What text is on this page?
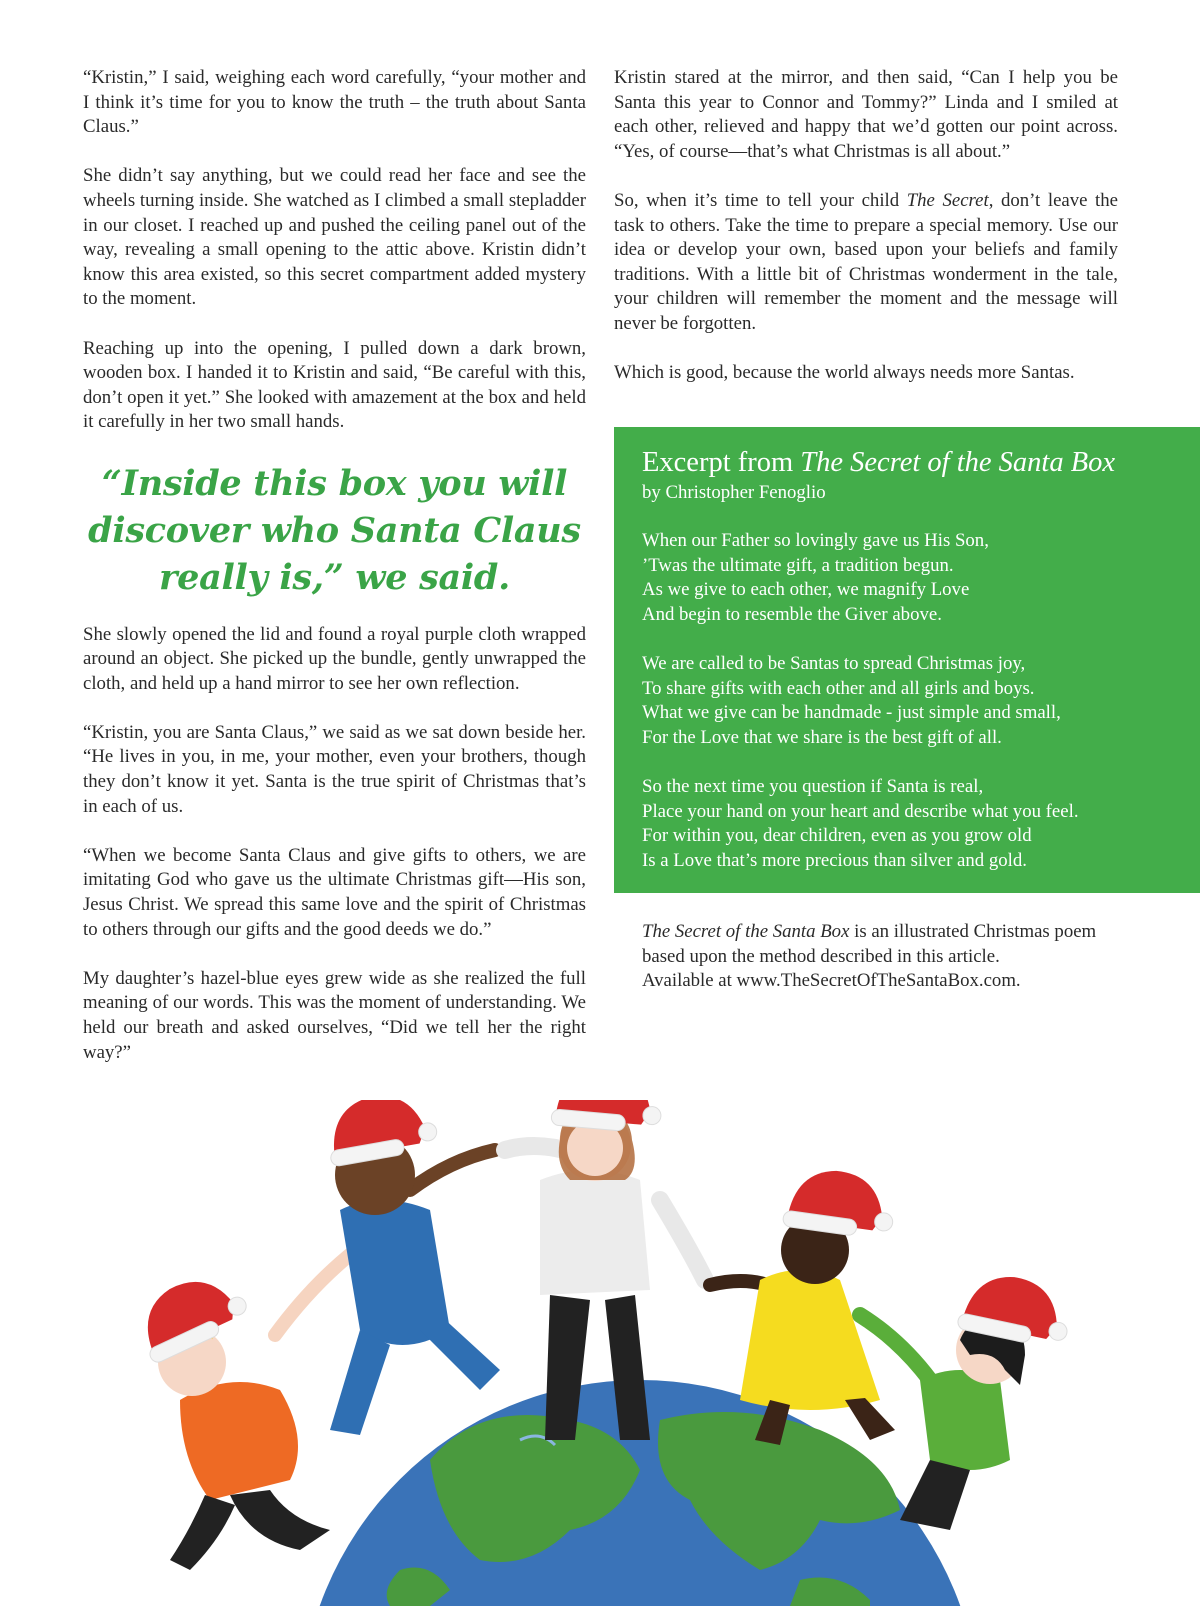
“Kristin,” I said, weighing each word carefully, “your mother and I think it’s time for you to know the truth – the truth about Santa Claus.”

She didn’t say anything, but we could read her face and see the wheels turning inside. She watched as I climbed a small stepladder in our closet. I reached up and pushed the ceiling panel out of the way, revealing a small opening to the attic above. Kristin didn’t know this area existed, so this secret compartment added mystery to the moment.

Reaching up into the opening, I pulled down a dark brown, wooden box. I handed it to Kristin and said, “Be careful with this, don’t open it yet.” She looked with amazement at the box and held it carefully in her two small hands.

“Inside this box you will discover who Santa Claus really is,” we said.

She slowly opened the lid and found a royal purple cloth wrapped around an object. She picked up the bundle, gently unwrapped the cloth, and held up a hand mirror to see her own reflection.

“Kristin, you are Santa Claus,” we said as we sat down beside her. “He lives in you, in me, your mother, even your brothers, though they don’t know it yet. Santa is the true spirit of Christmas that’s in each of us.

“When we become Santa Claus and give gifts to others, we are imitating God who gave us the ultimate Christmas gift—His son, Jesus Christ. We spread this same love and the spirit of Christmas to others through our gifts and the good deeds we do.”

My daughter’s hazel-blue eyes grew wide as she realized the full meaning of our words. This was the moment of understanding. We held our breath and asked ourselves, “Did we tell her the right way?”

Kristin stared at the mirror, and then said, “Can I help you be Santa this year to Connor and Tommy?” Linda and I smiled at each other, relieved and happy that we’d gotten our point across. “Yes, of course—that’s what Christmas is all about.”

So, when it’s time to tell your child The Secret, don’t leave the task to others. Take the time to prepare a special memory. Use our idea or develop your own, based upon your beliefs and family traditions. With a little bit of Christmas wonderment in the tale, your children will remember the moment and the message will never be forgotten.

Which is good, because the world always needs more Santas.

Excerpt from The Secret of the Santa Box
by Christopher Fenoglio
When our Father so lovingly gave us His Son,
’Twas the ultimate gift, a tradition begun.
As we give to each other, we magnify Love
And begin to resemble the Giver above.
We are called to be Santas to spread Christmas joy,
To share gifts with each other and all girls and boys.
What we give can be handmade - just simple and small,
For the Love that we share is the best gift of all.
So the next time you question if Santa is real,
Place your hand on your heart and describe what you feel.
For within you, dear children, even as you grow old
Is a Love that’s more precious than silver and gold.
The Secret of the Santa Box is an illustrated Christmas poem
based upon the method described in this article.
Available at www.TheSecretOfTheSantaBox.com.
